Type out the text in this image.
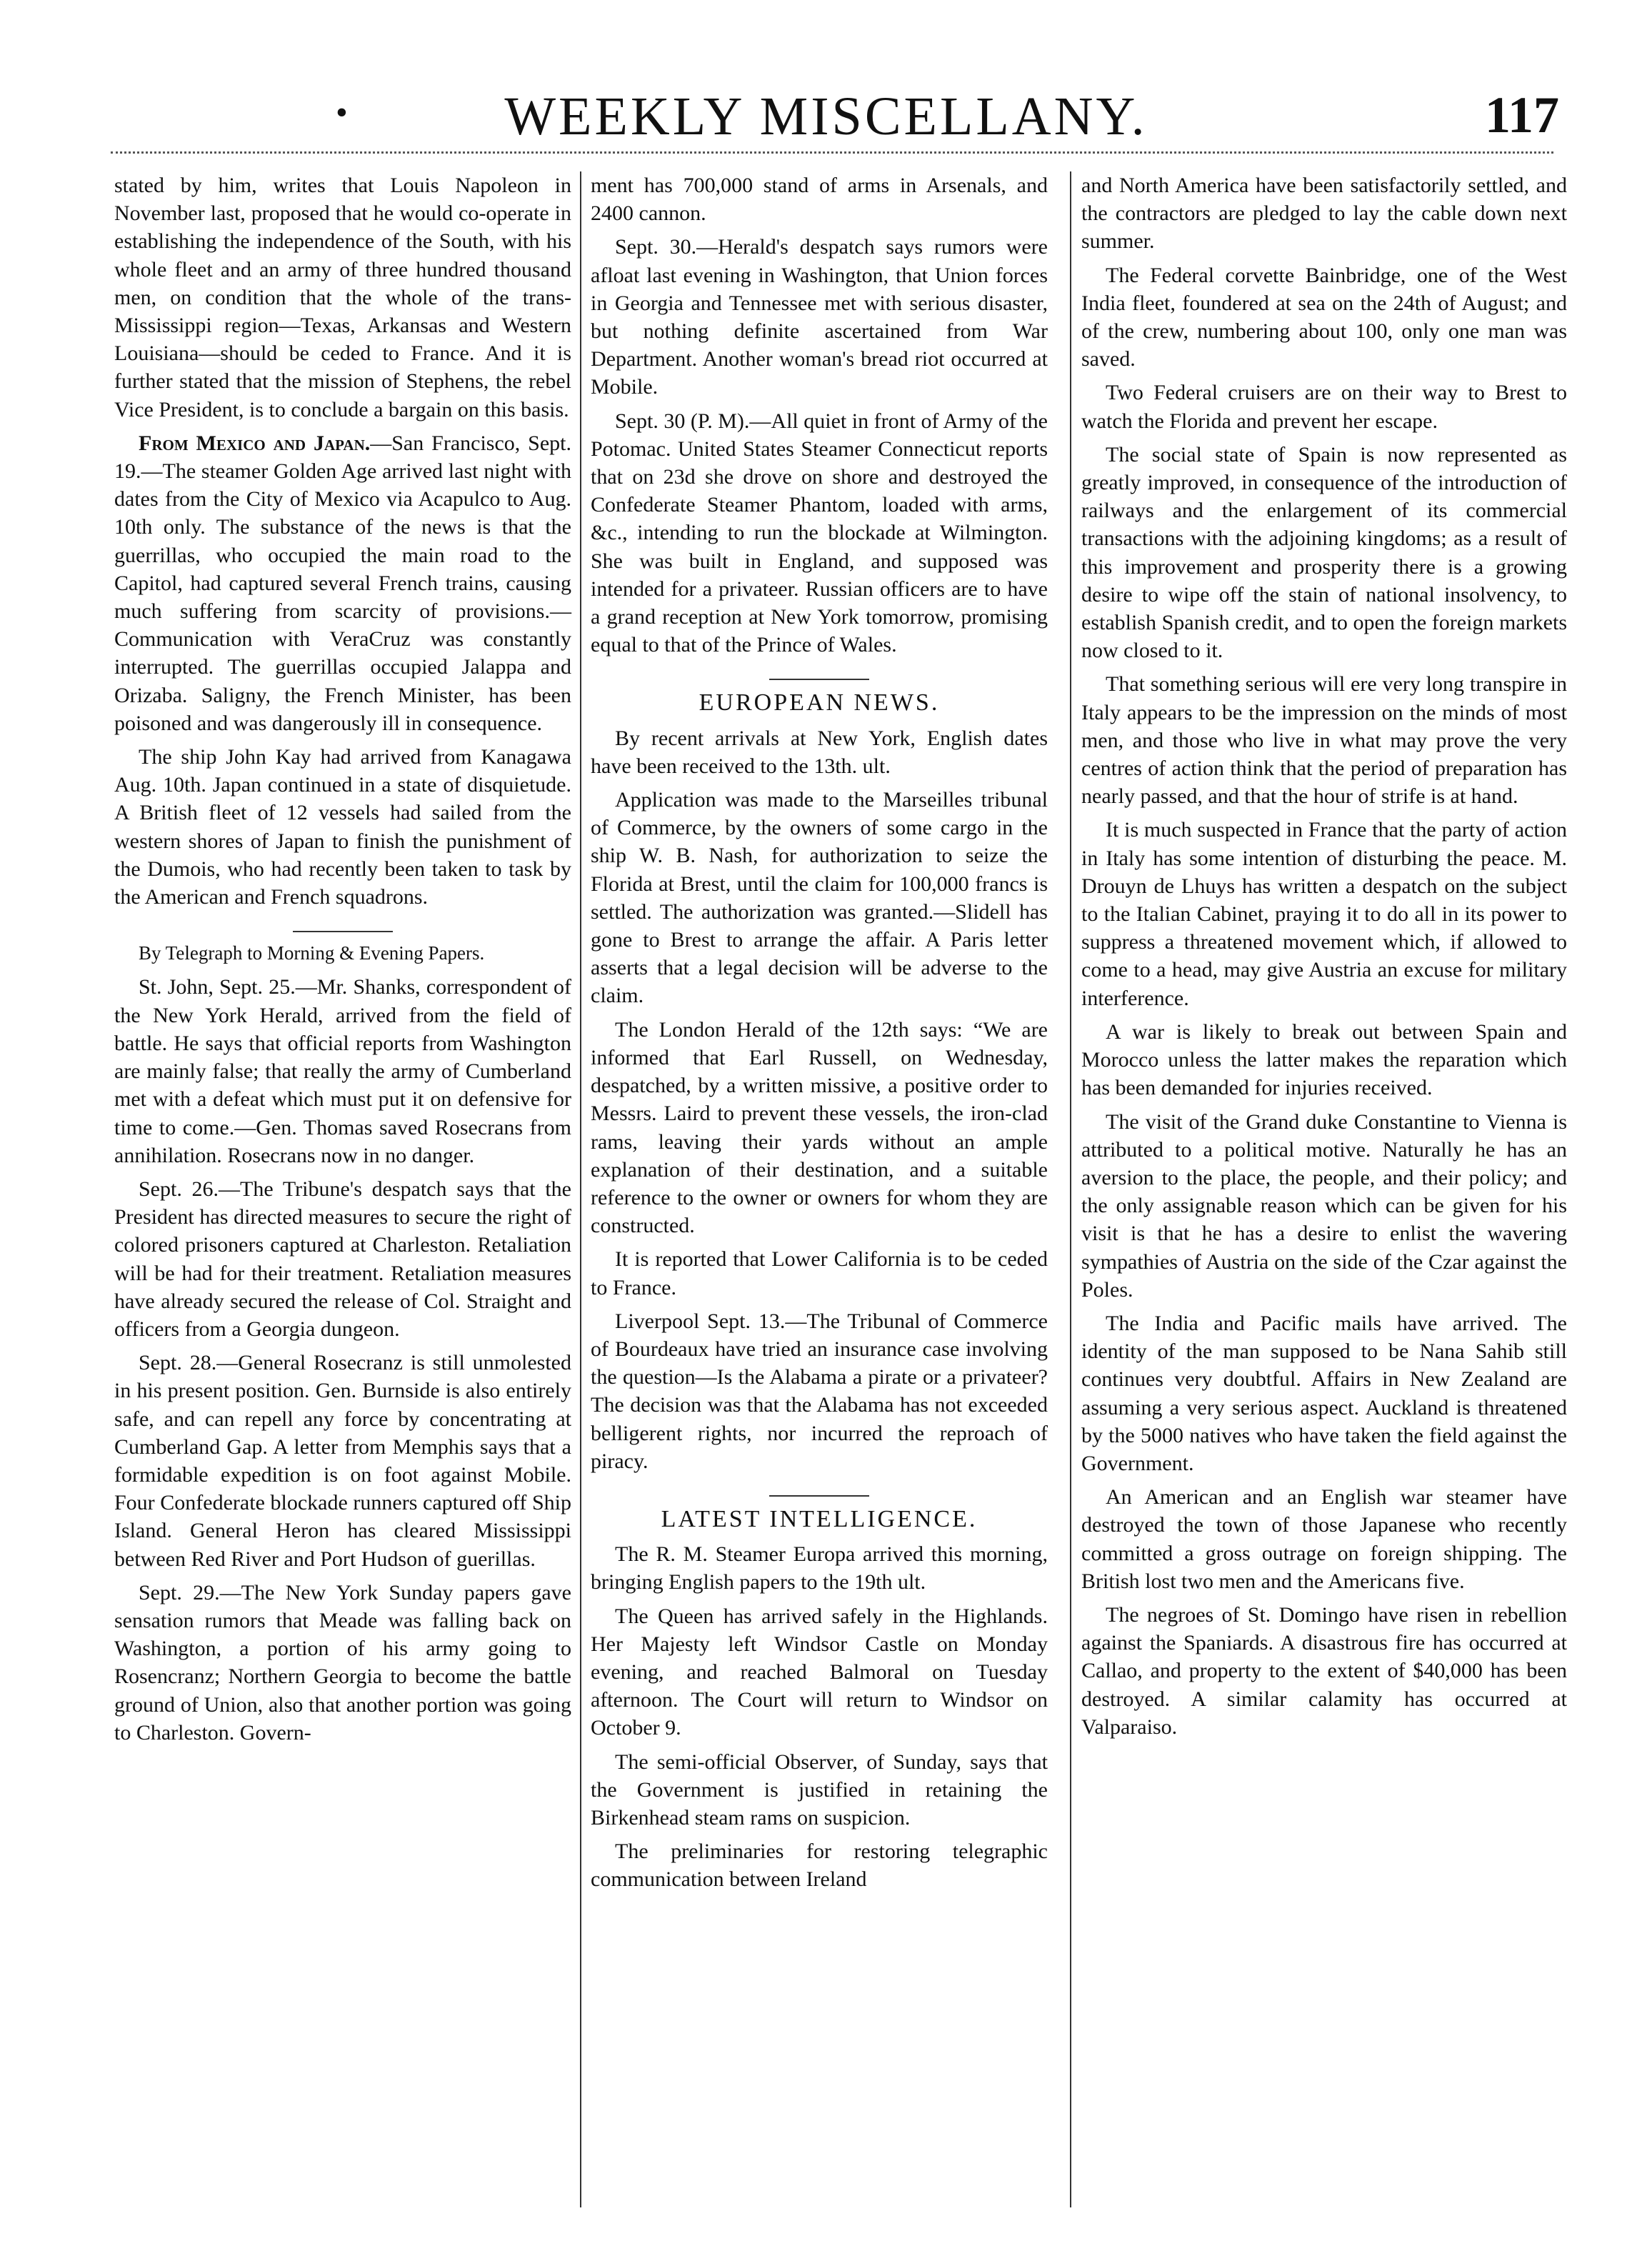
•	WEEKLY MISCELLANY.	117

stated by him, writes that Louis Napoleon in November last, proposed that he would co-operate in establishing the independence of the South, with his whole fleet and an army of three hundred thousand men, on condition that the whole of the trans-Mississippi region—Texas, Arkansas and Western Louisiana—should be ceded to France. And it is further stated that the mission of Stephens, the rebel Vice President, is to conclude a bargain on this basis.

From Mexico and Japan.—San Francisco, Sept. 19.—The steamer Golden Age arrived last night with dates from the City of Mexico via Acapulco to Aug. 10th only. The substance of the news is that the guerrillas, who occupied the main road to the Capitol, had captured several French trains, causing much suffering from scarcity of provisions.—Communication with VeraCruz was constantly interrupted. The guerrillas occupied Jalappa and Orizaba. Saligny, the French Minister, has been poisoned and was dangerously ill in consequence.

The ship John Kay had arrived from Kanagawa Aug. 10th. Japan continued in a state of disquietude. A British fleet of 12 vessels had sailed from the western shores of Japan to finish the punishment of the Dumois, who had recently been taken to task by the American and French squadrons.

By Telegraph to Morning & Evening Papers.

St. John, Sept. 25.—Mr. Shanks, correspondent of the New York Herald, arrived from the field of battle. He says that official reports from Washington are mainly false; that really the army of Cumberland met with a defeat which must put it on defensive for time to come.—Gen. Thomas saved Rosecrans from annihilation. Rosecrans now in no danger.

Sept. 26.—The Tribune's despatch says that the President has directed measures to secure the right of colored prisoners captured at Charleston. Retaliation will be had for their treatment. Retaliation measures have already secured the release of Col. Straight and officers from a Georgia dungeon.

Sept. 28.—General Rosecranz is still unmolested in his present position. Gen. Burnside is also entirely safe, and can repell any force by concentrating at Cumberland Gap. A letter from Memphis says that a formidable expedition is on foot against Mobile. Four Confederate blockade runners captured off Ship Island. General Heron has cleared Mississippi between Red River and Port Hudson of guerillas.

Sept. 29.—The New York Sunday papers gave sensation rumors that Meade was falling back on Washington, a portion of his army going to Rosencranz; Northern Georgia to become the battle ground of Union, also that another portion was going to Charleston. Govern-

ment has 700,000 stand of arms in Arsenals, and 2400 cannon.

Sept. 30.—Herald's despatch says rumors were afloat last evening in Washington, that Union forces in Georgia and Tennessee met with serious disaster, but nothing definite ascertained from War Department. Another woman's bread riot occurred at Mobile.

Sept. 30 (P. M).—All quiet in front of Army of the Potomac. United States Steamer Connecticut reports that on 23d she drove on shore and destroyed the Confederate Steamer Phantom, loaded with arms, &c., intending to run the blockade at Wilmington. She was built in England, and supposed was intended for a privateer. Russian officers are to have a grand reception at New York tomorrow, promising equal to that of the Prince of Wales.

EUROPEAN NEWS.

By recent arrivals at New York, English dates have been received to the 13th. ult.

Application was made to the Marseilles tribunal of Commerce, by the owners of some cargo in the ship W. B. Nash, for authorization to seize the Florida at Brest, until the claim for 100,000 francs is settled. The authorization was granted.—Slidell has gone to Brest to arrange the affair. A Paris letter asserts that a legal decision will be adverse to the claim.

The London Herald of the 12th says: “We are informed that Earl Russell, on Wednesday, despatched, by a written missive, a positive order to Messrs. Laird to prevent these vessels, the iron-clad rams, leaving their yards without an ample explanation of their destination, and a suitable reference to the owner or owners for whom they are constructed.

It is reported that Lower California is to be ceded to France.

Liverpool Sept. 13.—The Tribunal of Commerce of Bourdeaux have tried an insurance case involving the question—Is the Alabama a pirate or a privateer? The decision was that the Alabama has not exceeded belligerent rights, nor incurred the reproach of piracy.

LATEST INTELLIGENCE.

The R. M. Steamer Europa arrived this morning, bringing English papers to the 19th ult.

The Queen has arrived safely in the Highlands. Her Majesty left Windsor Castle on Monday evening, and reached Balmoral on Tuesday afternoon. The Court will return to Windsor on October 9.

The semi-official Observer, of Sunday, says that the Government is justified in retaining the Birkenhead steam rams on suspicion.

The preliminaries for restoring telegraphic communication between Ireland

and North America have been satisfactorily settled, and the contractors are pledged to lay the cable down next summer.

The Federal corvette Bainbridge, one of the West India fleet, foundered at sea on the 24th of August; and of the crew, numbering about 100, only one man was saved.

Two Federal cruisers are on their way to Brest to watch the Florida and prevent her escape.

The social state of Spain is now represented as greatly improved, in consequence of the introduction of railways and the enlargement of its commercial transactions with the adjoining kingdoms; as a result of this improvement and prosperity there is a growing desire to wipe off the stain of national insolvency, to establish Spanish credit, and to open the foreign markets now closed to it.

That something serious will ere very long transpire in Italy appears to be the impression on the minds of most men, and those who live in what may prove the very centres of action think that the period of preparation has nearly passed, and that the hour of strife is at hand.

It is much suspected in France that the party of action in Italy has some intention of disturbing the peace. M. Drouyn de Lhuys has written a despatch on the subject to the Italian Cabinet, praying it to do all in its power to suppress a threatened movement which, if allowed to come to a head, may give Austria an excuse for military interference.

A war is likely to break out between Spain and Morocco unless the latter makes the reparation which has been demanded for injuries received.

The visit of the Grand duke Constantine to Vienna is attributed to a political motive. Naturally he has an aversion to the place, the people, and their policy; and the only assignable reason which can be given for his visit is that he has a desire to enlist the wavering sympathies of Austria on the side of the Czar against the Poles.

The India and Pacific mails have arrived. The identity of the man supposed to be Nana Sahib still continues very doubtful. Affairs in New Zealand are assuming a very serious aspect. Auckland is threatened by the 5000 natives who have taken the field against the Government.

An American and an English war steamer have destroyed the town of those Japanese who recently committed a gross outrage on foreign shipping. The British lost two men and the Americans five.

The negroes of St. Domingo have risen in rebellion against the Spaniards. A disastrous fire has occurred at Callao, and property to the extent of $40,000 has been destroyed. A similar calamity has occurred at Valparaiso.
